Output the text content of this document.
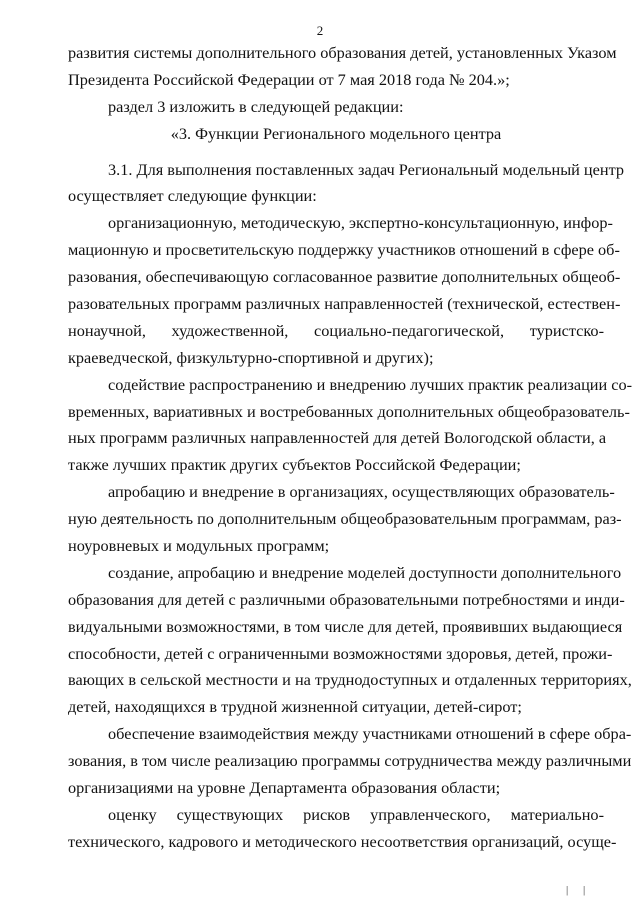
2
развития системы дополнительного образования детей, установленных Указом
Президента Российской Федерации от 7 мая 2018 года № 204.»;
раздел 3 изложить в следующей редакции:
«3. Функции Регионального модельного центра
3.1. Для выполнения поставленных задач Региональный модельный центр
осуществляет следующие функции:
организационную, методическую, экспертно-консультационную, инфор-
мационную и просветительскую поддержку участников отношений в сфере об-
разования, обеспечивающую согласованное развитие дополнительных общеоб-
разовательных программ различных направленностей (технической, естествен-
нонаучной, художественной, социально-педагогической, туристско-
краеведческой, физкультурно-спортивной и других);
содействие распространению и внедрению лучших практик реализации со-
временных, вариативных и востребованных дополнительных общеобразователь-
ных программ различных направленностей для детей Вологодской области, а
также лучших практик других субъектов Российской Федерации;
апробацию и внедрение в организациях, осуществляющих образователь-
ную деятельность по дополнительным общеобразовательным программам, раз-
ноуровневых и модульных программ;
создание, апробацию и внедрение моделей доступности дополнительного
образования для детей с различными образовательными потребностями и инди-
видуальными возможностями, в том числе для детей, проявивших выдающиеся
способности, детей с ограниченными возможностями здоровья, детей, прожи-
вающих в сельской местности и на труднодоступных и отдаленных территориях,
детей, находящихся в трудной жизненной ситуации, детей-сирот;
обеспечение взаимодействия между участниками отношений в сфере обра-
зования, в том числе реализацию программы сотрудничества между различными
организациями на уровне Департамента образования области;
оценку существующих рисков управленческого, материально-
технического, кадрового и методического несоответствия организаций, осуще-
| |
